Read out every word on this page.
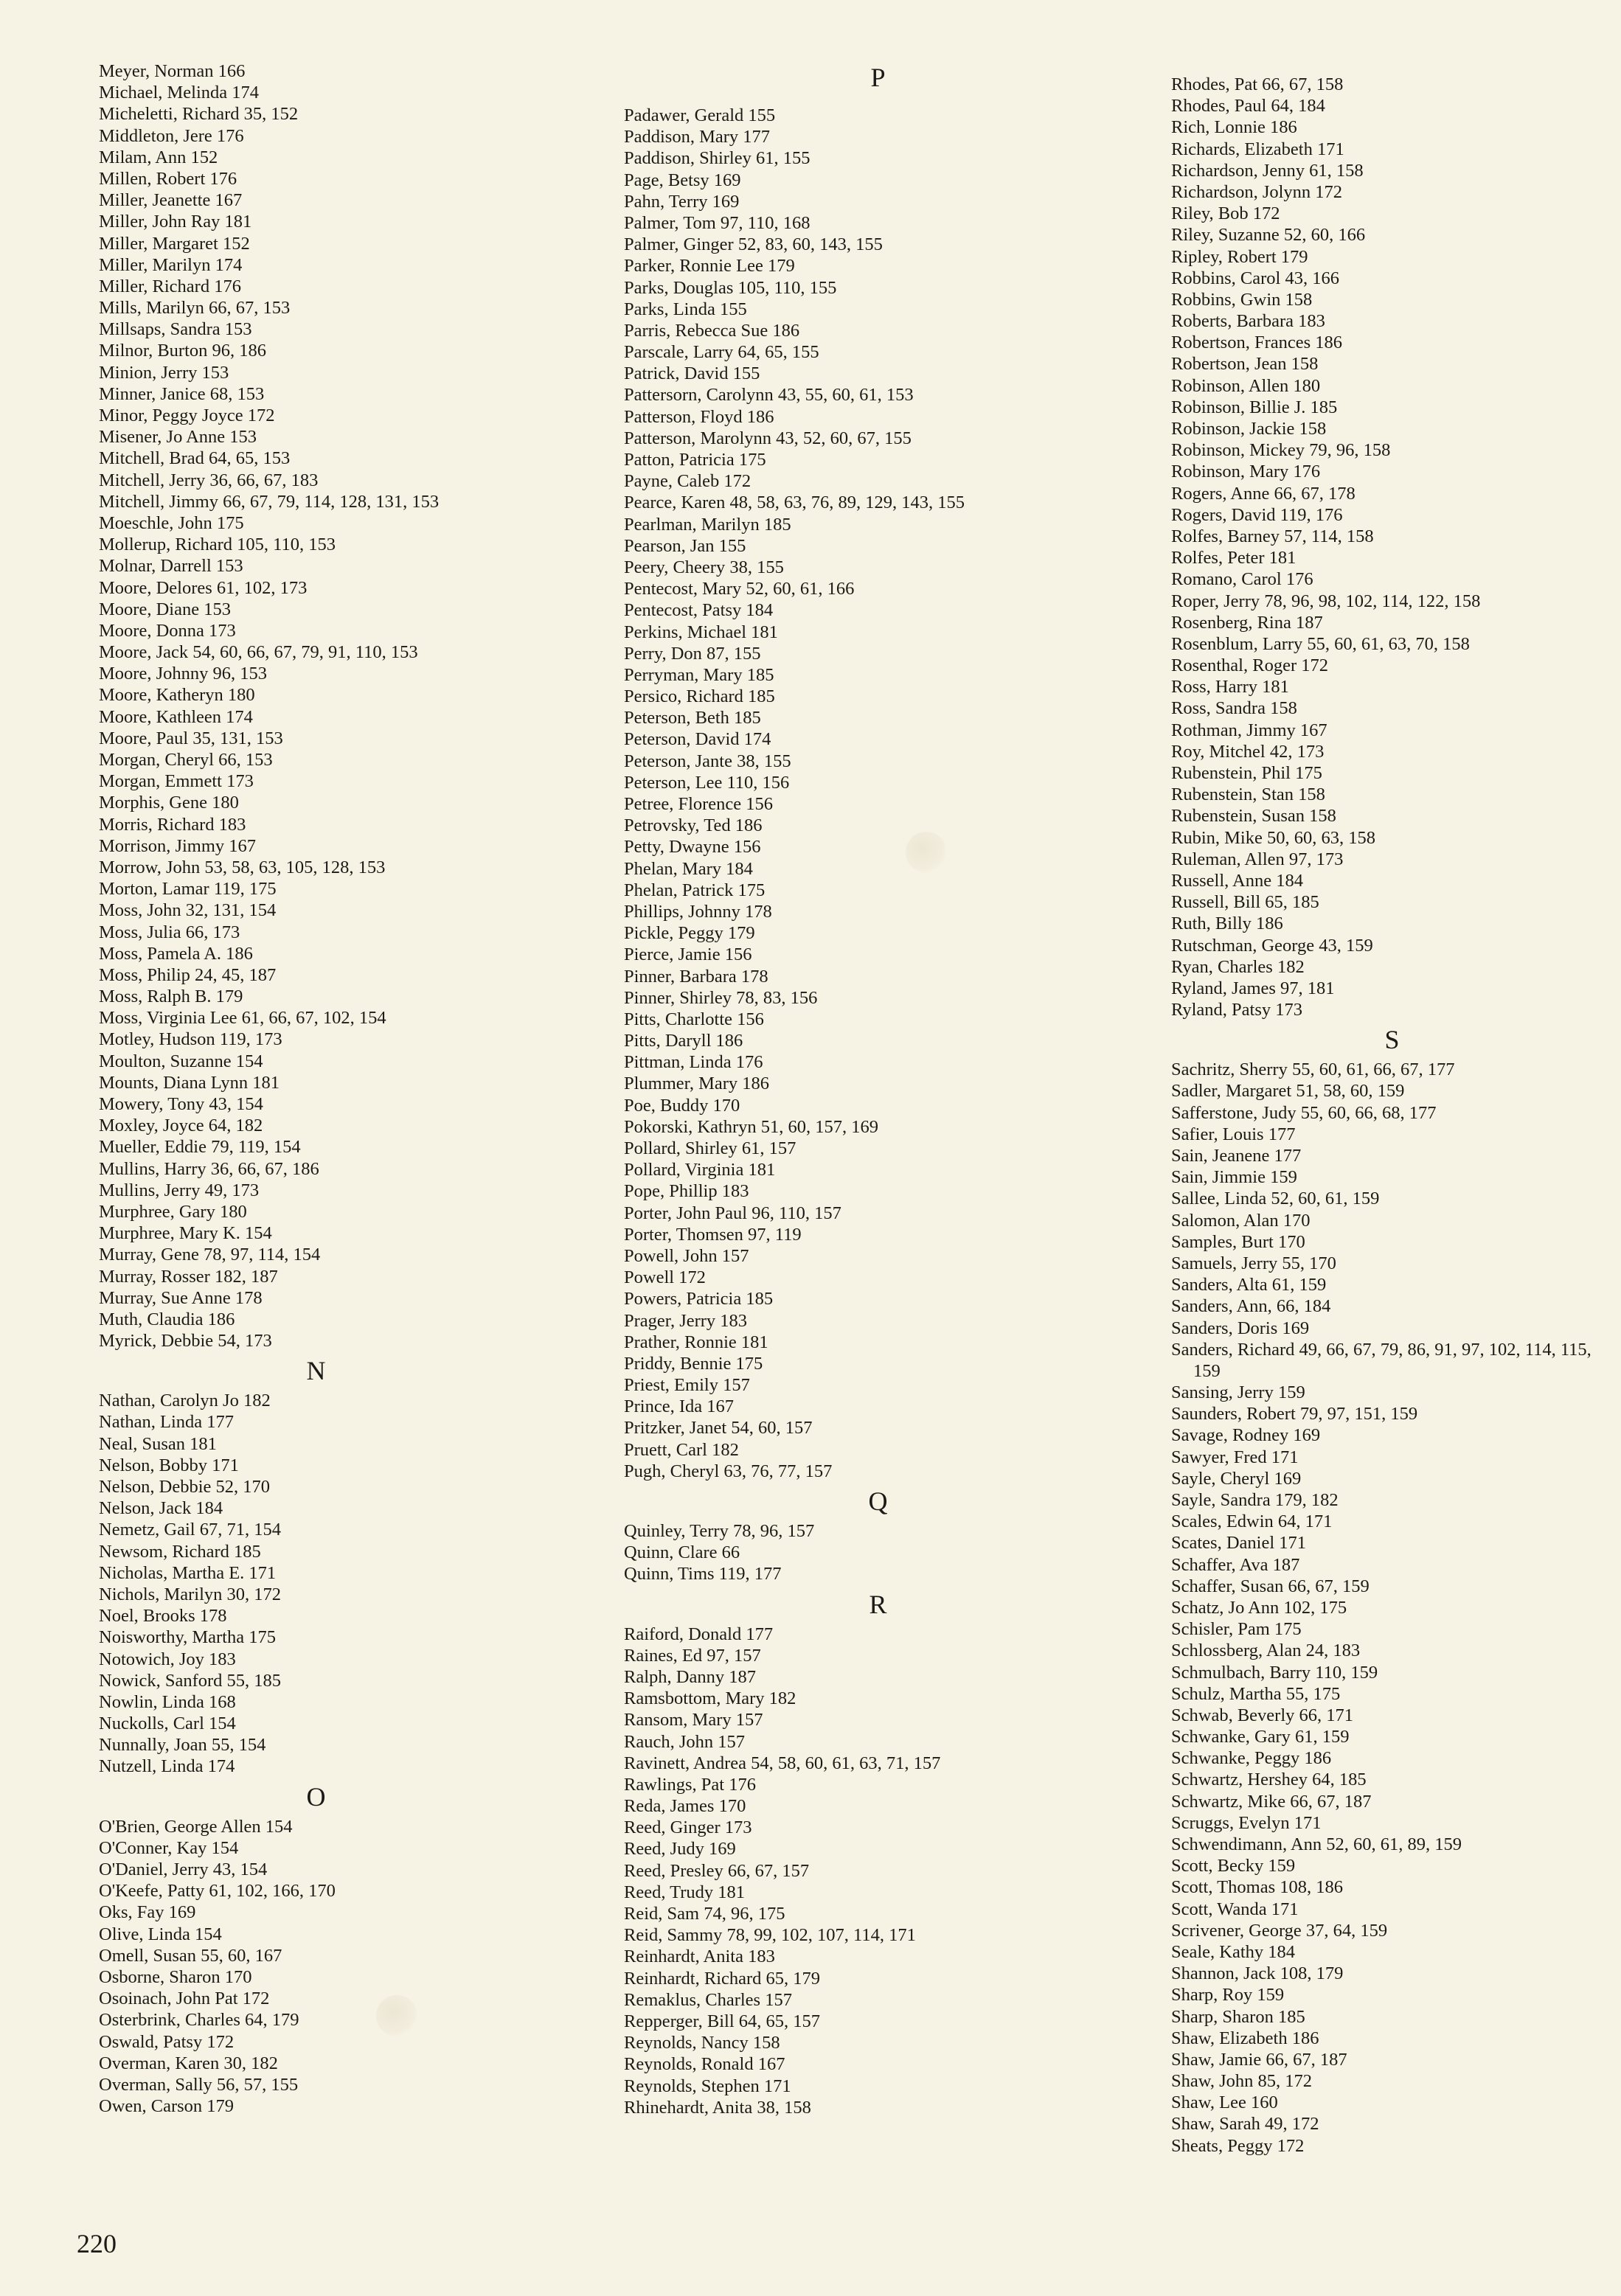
Meyer, Norman 166
Michael, Melinda 174
Micheletti, Richard 35, 152
Middleton, Jere 176
Milam, Ann 152
Millen, Robert 176
Miller, Jeanette 167
Miller, John Ray 181
Miller, Margaret 152
Miller, Marilyn 174
Miller, Richard 176
Mills, Marilyn 66, 67, 153
Millsaps, Sandra 153
Milnor, Burton 96, 186
Minion, Jerry 153
Minner, Janice 68, 153
Minor, Peggy Joyce 172
Misener, Jo Anne 153
Mitchell, Brad 64, 65, 153
Mitchell, Jerry 36, 66, 67, 183
Mitchell, Jimmy 66, 67, 79, 114, 128, 131, 153
Moeschle, John 175
Mollerup, Richard 105, 110, 153
Molnar, Darrell 153
Moore, Delores 61, 102, 173
Moore, Diane 153
Moore, Donna 173
Moore, Jack 54, 60, 66, 67, 79, 91, 110, 153
Moore, Johnny 96, 153
Moore, Katheryn 180
Moore, Kathleen 174
Moore, Paul 35, 131, 153
Morgan, Cheryl 66, 153
Morgan, Emmett 173
Morphis, Gene 180
Morris, Richard 183
Morrison, Jimmy 167
Morrow, John 53, 58, 63, 105, 128, 153
Morton, Lamar 119, 175
Moss, John 32, 131, 154
Moss, Julia 66, 173
Moss, Pamela A. 186
Moss, Philip 24, 45, 187
Moss, Ralph B. 179
Moss, Virginia Lee 61, 66, 67, 102, 154
Motley, Hudson 119, 173
Moulton, Suzanne 154
Mounts, Diana Lynn 181
Mowery, Tony 43, 154
Moxley, Joyce 64, 182
Mueller, Eddie 79, 119, 154
Mullins, Harry 36, 66, 67, 186
Mullins, Jerry 49, 173
Murphree, Gary 180
Murphree, Mary K. 154
Murray, Gene 78, 97, 114, 154
Murray, Rosser 182, 187
Murray, Sue Anne 178
Muth, Claudia 186
Myrick, Debbie 54, 173
N
Nathan, Carolyn Jo 182
Nathan, Linda 177
Neal, Susan 181
Nelson, Bobby 171
Nelson, Debbie 52, 170
Nelson, Jack 184
Nemetz, Gail 67, 71, 154
Newsom, Richard 185
Nicholas, Martha E. 171
Nichols, Marilyn 30, 172
Noel, Brooks 178
Noisworthy, Martha 175
Notowich, Joy 183
Nowick, Sanford 55, 185
Nowlin, Linda 168
Nuckolls, Carl 154
Nunnally, Joan 55, 154
Nutzell, Linda 174
O
O'Brien, George Allen 154
O'Conner, Kay 154
O'Daniel, Jerry 43, 154
O'Keefe, Patty 61, 102, 166, 170
Oks, Fay 169
Olive, Linda 154
Omell, Susan 55, 60, 167
Osborne, Sharon 170
Osoinach, John Pat 172
Osterbrink, Charles 64, 179
Oswald, Patsy 172
Overman, Karen 30, 182
Overman, Sally 56, 57, 155
Owen, Carson 179
P
Padawer, Gerald 155
Paddison, Mary 177
Paddison, Shirley 61, 155
Page, Betsy 169
Pahn, Terry 169
Palmer, Tom 97, 110, 168
Palmer, Ginger 52, 83, 60, 143, 155
Parker, Ronnie Lee 179
Parks, Douglas 105, 110, 155
Parks, Linda 155
Parris, Rebecca Sue 186
Parscale, Larry 64, 65, 155
Patrick, David 155
Pattersorn, Carolynn 43, 55, 60, 61, 153
Patterson, Floyd 186
Patterson, Marolynn 43, 52, 60, 67, 155
Patton, Patricia 175
Payne, Caleb 172
Pearce, Karen 48, 58, 63, 76, 89, 129, 143, 155
Pearlman, Marilyn 185
Pearson, Jan 155
Peery, Cheery 38, 155
Pentecost, Mary 52, 60, 61, 166
Pentecost, Patsy 184
Perkins, Michael 181
Perry, Don 87, 155
Perryman, Mary 185
Persico, Richard 185
Peterson, Beth 185
Peterson, David 174
Peterson, Jante 38, 155
Peterson, Lee 110, 156
Petree, Florence 156
Petrovsky, Ted 186
Petty, Dwayne 156
Phelan, Mary 184
Phelan, Patrick 175
Phillips, Johnny 178
Pickle, Peggy 179
Pierce, Jamie 156
Pinner, Barbara 178
Pinner, Shirley 78, 83, 156
Pitts, Charlotte 156
Pitts, Daryll 186
Pittman, Linda 176
Plummer, Mary 186
Poe, Buddy 170
Pokorski, Kathryn 51, 60, 157, 169
Pollard, Shirley 61, 157
Pollard, Virginia 181
Pope, Phillip 183
Porter, John Paul 96, 110, 157
Porter, Thomsen 97, 119
Powell, John 157
Powell 172
Powers, Patricia 185
Prager, Jerry 183
Prather, Ronnie 181
Priddy, Bennie 175
Priest, Emily 157
Prince, Ida 167
Pritzker, Janet 54, 60, 157
Pruett, Carl 182
Pugh, Cheryl 63, 76, 77, 157
Q
Quinley, Terry 78, 96, 157
Quinn, Clare 66
Quinn, Tims 119, 177
R
Raiford, Donald 177
Raines, Ed 97, 157
Ralph, Danny 187
Ramsbottom, Mary 182
Ransom, Mary 157
Rauch, John 157
Ravinett, Andrea 54, 58, 60, 61, 63, 71, 157
Rawlings, Pat 176
Reda, James 170
Reed, Ginger 173
Reed, Judy 169
Reed, Presley 66, 67, 157
Reed, Trudy 181
Reid, Sam 74, 96, 175
Reid, Sammy 78, 99, 102, 107, 114, 171
Reinhardt, Anita 183
Reinhardt, Richard 65, 179
Remaklus, Charles 157
Repperger, Bill 64, 65, 157
Reynolds, Nancy 158
Reynolds, Ronald 167
Reynolds, Stephen 171
Rhinehardt, Anita 38, 158
Rhodes, Pat 66, 67, 158
Rhodes, Paul 64, 184
Rich, Lonnie 186
Richards, Elizabeth 171
Richardson, Jenny 61, 158
Richardson, Jolynn 172
Riley, Bob 172
Riley, Suzanne 52, 60, 166
Ripley, Robert 179
Robbins, Carol 43, 166
Robbins, Gwin 158
Roberts, Barbara 183
Robertson, Frances 186
Robertson, Jean 158
Robinson, Allen 180
Robinson, Billie J. 185
Robinson, Jackie 158
Robinson, Mickey 79, 96, 158
Robinson, Mary 176
Rogers, Anne 66, 67, 178
Rogers, David 119, 176
Rolfes, Barney 57, 114, 158
Rolfes, Peter 181
Romano, Carol 176
Roper, Jerry 78, 96, 98, 102, 114, 122, 158
Rosenberg, Rina 187
Rosenblum, Larry 55, 60, 61, 63, 70, 158
Rosenthal, Roger 172
Ross, Harry 181
Ross, Sandra 158
Rothman, Jimmy 167
Roy, Mitchel 42, 173
Rubenstein, Phil 175
Rubenstein, Stan 158
Rubenstein, Susan 158
Rubin, Mike 50, 60, 63, 158
Ruleman, Allen 97, 173
Russell, Anne 184
Russell, Bill 65, 185
Ruth, Billy 186
Rutschman, George 43, 159
Ryan, Charles 182
Ryland, James 97, 181
Ryland, Patsy 173
S
Sachritz, Sherry 55, 60, 61, 66, 67, 177
Sadler, Margaret 51, 58, 60, 159
Safferstone, Judy 55, 60, 66, 68, 177
Safier, Louis 177
Sain, Jeanene 177
Sain, Jimmie 159
Sallee, Linda 52, 60, 61, 159
Salomon, Alan 170
Samples, Burt 170
Samuels, Jerry 55, 170
Sanders, Alta 61, 159
Sanders, Ann, 66, 184
Sanders, Doris 169
Sanders, Richard 49, 66, 67, 79, 86, 91, 97, 102, 114, 115, 159
Sansing, Jerry 159
Saunders, Robert 79, 97, 151, 159
Savage, Rodney 169
Sawyer, Fred 171
Sayle, Cheryl 169
Sayle, Sandra 179, 182
Scales, Edwin 64, 171
Scates, Daniel 171
Schaffer, Ava 187
Schaffer, Susan 66, 67, 159
Schatz, Jo Ann 102, 175
Schisler, Pam 175
Schlossberg, Alan 24, 183
Schmulbach, Barry 110, 159
Schulz, Martha 55, 175
Schwab, Beverly 66, 171
Schwanke, Gary 61, 159
Schwanke, Peggy 186
Schwartz, Hershey 64, 185
Schwartz, Mike 66, 67, 187
Scruggs, Evelyn 171
Schwendimann, Ann 52, 60, 61, 89, 159
Scott, Becky 159
Scott, Thomas 108, 186
Scott, Wanda 171
Scrivener, George 37, 64, 159
Seale, Kathy 184
Shannon, Jack 108, 179
Sharp, Roy 159
Sharp, Sharon 185
Shaw, Elizabeth 186
Shaw, Jamie 66, 67, 187
Shaw, John 85, 172
Shaw, Lee 160
Shaw, Sarah 49, 172
Sheats, Peggy 172
220
